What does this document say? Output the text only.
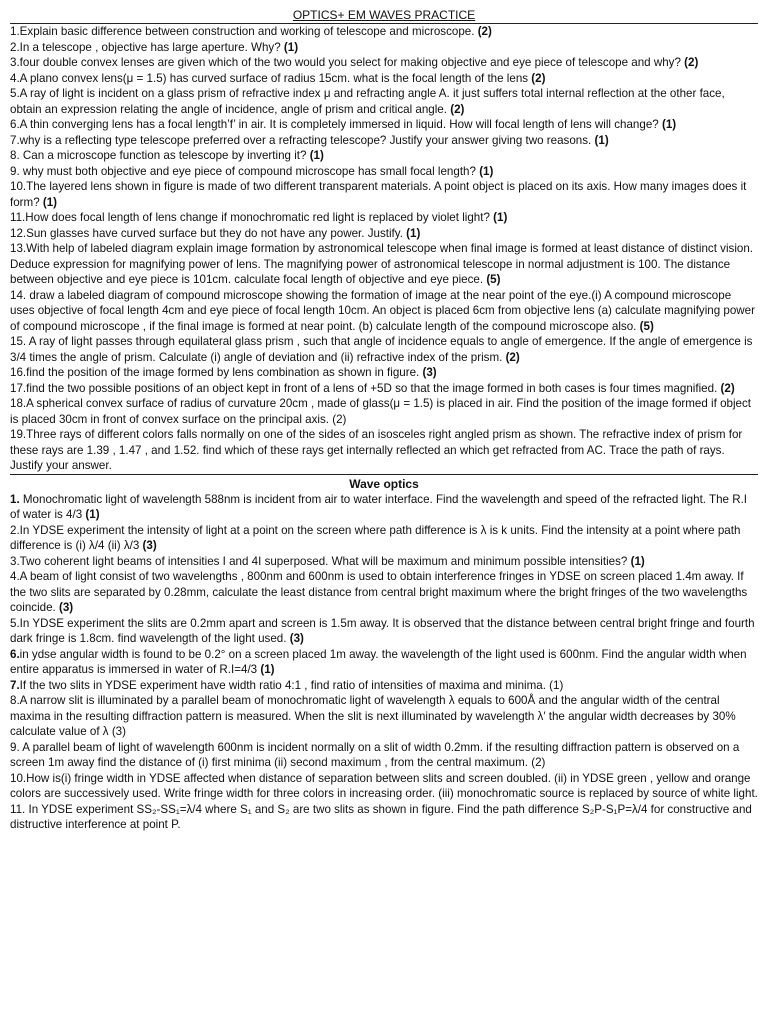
OPTICS+ EM WAVES PRACTICE

1.Explain basic difference between construction and working of telescope and microscope. (2)

2.In a telescope , objective has large aperture. Why? (1)

3.four double convex lenses are given which of the two would you select for making objective and eye piece of telescope and why? (2)

4.A plano convex lens(μ = 1.5) has curved surface of radius 15cm. what is the focal length of the lens (2)

5.A ray of light is incident on a glass prism of refractive index μ and refracting angle A. it just suffers total internal reflection at the other face, obtain an expression relating the angle of incidence, angle of prism and critical angle. (2)

6.A thin converging lens has a focal length’f’ in air. It is completely immersed in liquid. How will focal length of lens will change? (1)

7.why is a reflecting type telescope preferred over a refracting telescope? Justify your answer giving two reasons. (1)

8. Can a microscope function as telescope by inverting it? (1)

9. why must both objective and eye piece of compound microscope has small focal length? (1)

10.The layered lens shown in figure is made of two different transparent materials. A point object is placed on its axis. How many images does it form? (1)

11.How does focal length of lens change if monochromatic red light is replaced by violet light? (1)

12.Sun glasses have curved surface but they do not have any power. Justify. (1)

13.With help of labeled diagram explain image formation by astronomical telescope when final image is formed at least distance of distinct vision. Deduce expression for magnifying power of lens. The magnifying power of astronomical telescope in normal adjustment is 100. The distance between objective and eye piece is 101cm. calculate focal length of objective and eye piece. (5)

14. draw a labeled diagram of compound microscope showing the formation of image at the near point of the eye.(i) A compound microscope uses objective of focal length 4cm and eye piece of focal length 10cm. An object is placed 6cm from objective lens (a) calculate magnifying power of compound microscope , if the final image is formed at near point. (b) calculate length of the compound microscope also. (5)

15. A ray of light passes through equilateral glass prism , such that angle of incidence equals to angle of emergence. If the angle of emergence is 3/4 times the angle of prism. Calculate (i) angle of deviation and (ii) refractive index of the prism. (2)

16.find the position of the image formed by lens combination as shown in figure. (3)

17.find the two possible positions of an object kept in front of a lens of +5D so that the image formed in both cases is four times magnified. (2)

18.A spherical convex surface of radius of curvature 20cm , made of glass(μ = 1.5) is placed in air. Find the position of the image formed if object is placed 30cm in front of convex surface on the principal axis. (2)

19.Three rays of different colors falls normally on one of the sides of an isosceles right angled prism as shown. The refractive index of prism for these rays are 1.39 , 1.47 , and 1.52. find which of these rays get internally reflected an which get refracted from AC. Trace the path of rays. Justify your answer.

Wave optics

1. Monochromatic light of wavelength 588nm is incident from air to water interface. Find the wavelength and speed of the refracted light. The R.I of water is 4/3 (1)

2.In YDSE experiment the intensity of light at a point on the screen where path difference is λ is k units. Find the intensity at a point where path difference is (i) λ/4 (ii) λ/3 (3)

3.Two coherent light beams of intensities I and 4I superposed. What will be maximum and minimum possible intensities? (1)

4.A beam of light consist of two wavelengths , 800nm and 600nm is used to obtain interference fringes in YDSE on screen placed 1.4m away. If the two slits are separated by 0.28mm, calculate the least distance from central bright maximum where the bright fringes of the two wavelengths coincide. (3)

5.In YDSE experiment the slits are 0.2mm apart and screen is 1.5m away. It is observed that the distance between central bright fringe and fourth dark fringe is 1.8cm. find wavelength of the light used. (3)

6.in ydse angular width is found to be 0.2° on a screen placed 1m away. the wavelength of the light used is 600nm. Find the angular width when entire apparatus is immersed in water of R.I=4/3 (1)

7.If the two slits in YDSE experiment have width ratio 4:1 , find ratio of intensities of maxima and minima. (1)

8.A narrow slit is illuminated by a parallel beam of monochromatic light of wavelength λ equals to 600Å and the angular width of the central maxima in the resulting diffraction pattern is measured. When the slit is next illuminated by wavelength λ′ the angular width decreases by 30% calculate value of λ (3)

9. A parallel beam of light of wavelength 600nm is incident normally on a slit of width 0.2mm. if the resulting diffraction pattern is observed on a screen 1m away find the distance of (i) first minima (ii) second maximum , from the central maximum. (2)

10.How is(i) fringe width in YDSE affected when distance of separation between slits and screen doubled. (ii) in YDSE green , yellow and orange colors are successively used. Write fringe width for three colors in increasing order. (iii) monochromatic source is replaced by source of white light. 11. In YDSE experiment SS₂-SS₁=λ/4 where S₁ and S₂ are two slits as shown in figure. Find the path difference S₂P-S₁P=λ/4 for constructive and distructive interference at point P.
